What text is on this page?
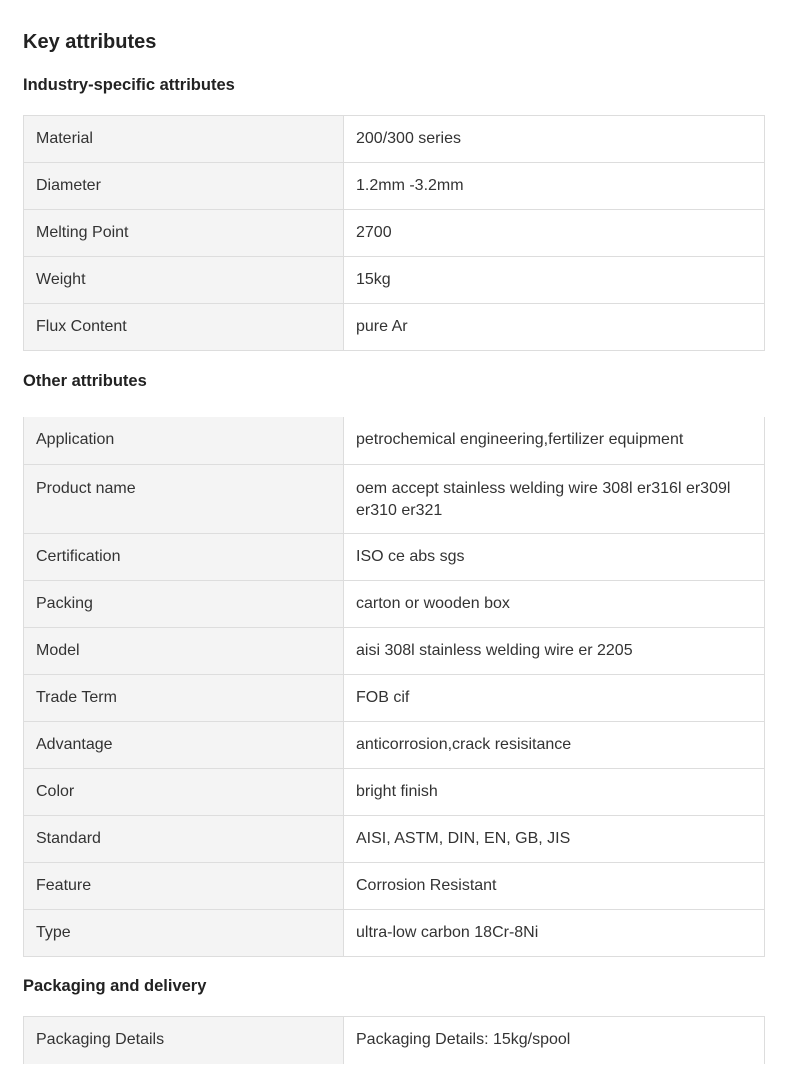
Key attributes
Industry-specific attributes
Material	200/300 series
Diameter	1.2mm -3.2mm
Melting Point	2700
Weight	15kg
Flux Content	pure Ar
Other attributes
Application	petrochemical engineering,fertilizer equipment
Product name	oem accept stainless welding wire 308l er316l er309l er310 er321
Certification	ISO ce abs sgs
Packing	carton or wooden box
Model	aisi 308l stainless welding wire er 2205
Trade Term	FOB cif
Advantage	anticorrosion,crack resisitance
Color	bright finish
Standard	AISI, ASTM, DIN, EN, GB, JIS
Feature	Corrosion Resistant
Type	ultra-low carbon 18Cr-8Ni
Packaging and delivery
Packaging Details	Packaging Details: 15kg/spool
